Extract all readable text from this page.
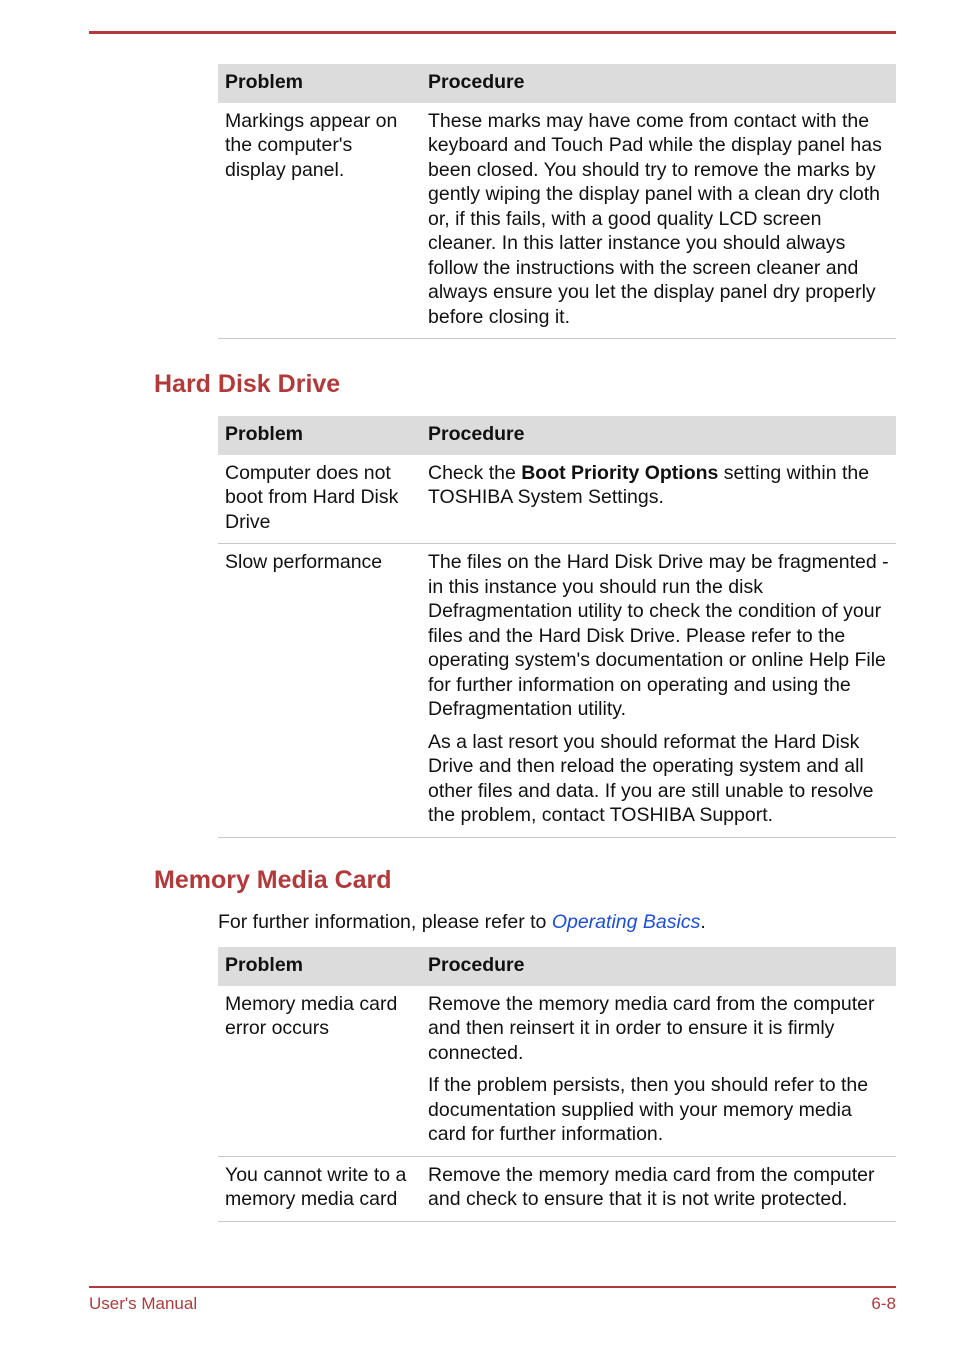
Problem	Procedure
Markings appear on the computer's display panel.	These marks may have come from contact with the keyboard and Touch Pad while the display panel has been closed. You should try to remove the marks by gently wiping the display panel with a clean dry cloth or, if this fails, with a good quality LCD screen cleaner. In this latter instance you should always follow the instructions with the screen cleaner and always ensure you let the display panel dry properly before closing it.
Hard Disk Drive
Problem	Procedure
Computer does not boot from Hard Disk Drive	Check the Boot Priority Options setting within the TOSHIBA System Settings.
Slow performance	The files on the Hard Disk Drive may be fragmented - in this instance you should run the disk Defragmentation utility to check the condition of your files and the Hard Disk Drive. Please refer to the operating system's documentation or online Help File for further information on operating and using the Defragmentation utility.

As a last resort you should reformat the Hard Disk Drive and then reload the operating system and all other files and data. If you are still unable to resolve the problem, contact TOSHIBA Support.

Memory Media Card

For further information, please refer to Operating Basics.

Problem	Procedure
Memory media card error occurs	Remove the memory media card from the computer and then reinsert it in order to ensure it is firmly connected.

If the problem persists, then you should refer to the documentation supplied with your memory media card for further information.

You cannot write to a memory media card	Remove the memory media card from the computer and check to ensure that it is not write protected.
User's Manual	6-8
